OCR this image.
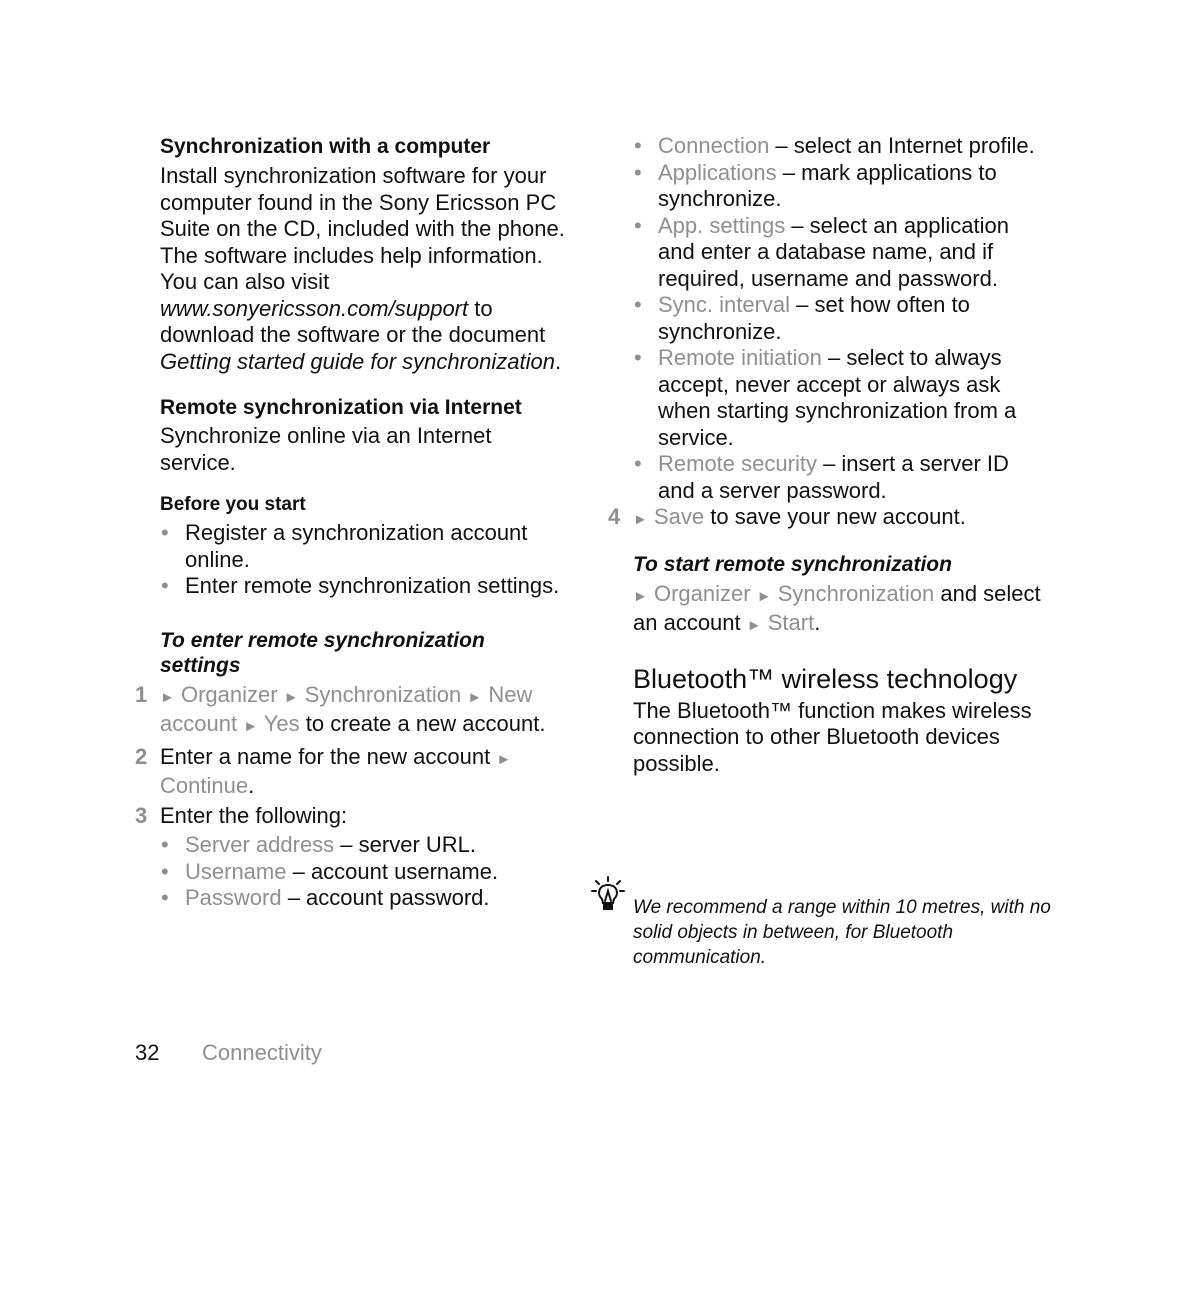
Synchronization with a computer

Install synchronization software for your computer found in the Sony Ericsson PC Suite on the CD, included with the phone. The software includes help information. You can also visit www.sonyericsson.com/support to download the software or the document Getting started guide for synchronization.

Remote synchronization via Internet

Synchronize online via an Internet service.

Before you start
• Register a synchronization account online.
• Enter remote synchronization settings.
To enter remote synchronization settings
1 ► Organizer ► Synchronization ► New account ► Yes to create a new account.
2 Enter a name for the new account ► Continue.
3 Enter the following:
• Server address – server URL.
• Username – account username.
• Password – account password.
• Connection – select an Internet profile.
• Applications – mark applications to synchronize.
• App. settings – select an application and enter a database name, and if required, username and password.
• Sync. interval – set how often to synchronize.
• Remote initiation – select to always accept, never accept or always ask when starting synchronization from a service.
• Remote security – insert a server ID and a server password.
4 ► Save to save your new account.
To start remote synchronization

► Organizer ► Synchronization and select an account ► Start.

Bluetooth™ wireless technology

The Bluetooth™ function makes wireless connection to other Bluetooth devices possible.

We recommend a range within 10 metres, with no solid objects in between, for Bluetooth communication.

32 Connectivity
